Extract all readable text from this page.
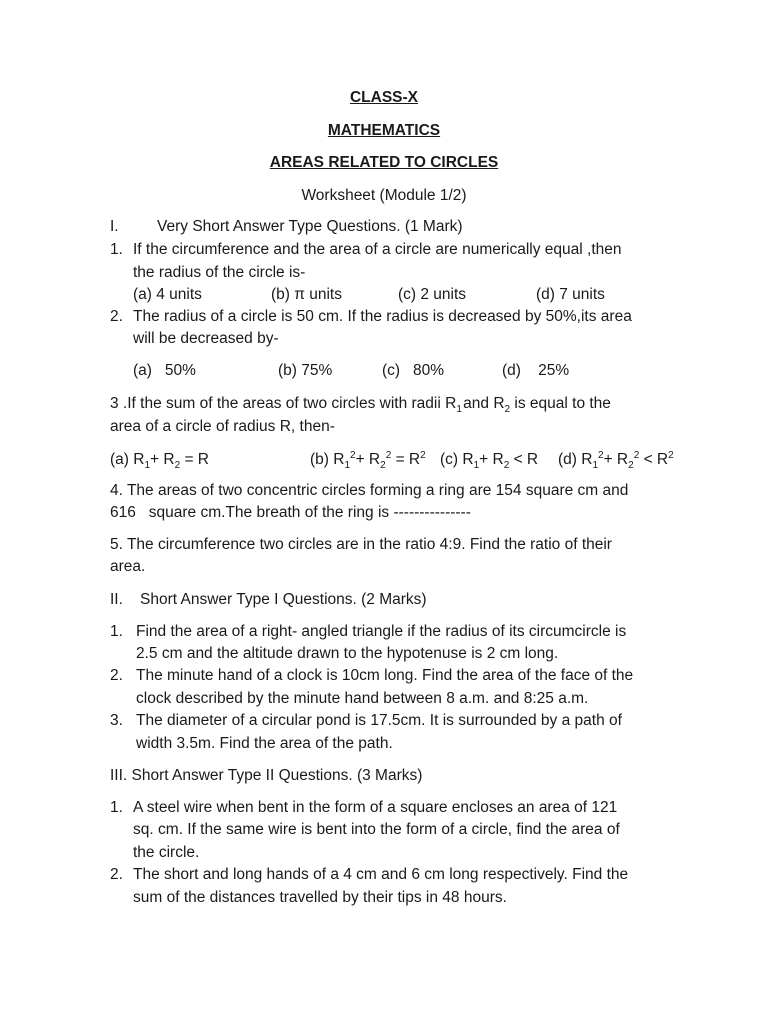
CLASS-X
MATHEMATICS
AREAS RELATED TO CIRCLES
Worksheet (Module 1/2)
I. Very Short Answer Type Questions. (1 Mark)
1. If the circumference and the area of a circle are numerically equal ,then
the radius of the circle is-
(a) 4 units	(b) π units	(c) 2 units	(d) 7 units
2. The radius of a circle is 50 cm. If the radius is decreased by 50%,its area
will be decreased by-
(a)   50%	(b) 75%	(c)   80%	(d)    25%
3 .If the sum of the areas of two circles with radii $R_1$ and $R_2$ is equal to the
area of a circle of radius R, then-
(a) $R_1+ R_2 = R$	(b) $R_1^2+ R_2^2 = R^2$ (c) $R_1+ R_2 < R$ (d) $R_1^2+ R_2^2 < R^2$
4. The areas of two concentric circles forming a ring are 154 square cm and
616   square cm.The breath of the ring is ---------------
5. The circumference two circles are in the ratio 4:9. Find the ratio of their
area.
II. Short Answer Type I Questions. (2 Marks)
1. Find the area of a right- angled triangle if the radius of its circumcircle is
2.5 cm and the altitude drawn to the hypotenuse is 2 cm long.
2. The minute hand of a clock is 10cm long. Find the area of the face of the
clock described by the minute hand between 8 a.m. and 8:25 a.m.
3. The diameter of a circular pond is 17.5cm. It is surrounded by a path of
width 3.5m. Find the area of the path.
III. Short Answer Type II Questions. (3 Marks)
1. A steel wire when bent in the form of a square encloses an area of 121
sq. cm. If the same wire is bent into the form of a circle, find the area of
the circle.
2. The short and long hands of a 4 cm and 6 cm long respectively. Find the
sum of the distances travelled by their tips in 48 hours.
